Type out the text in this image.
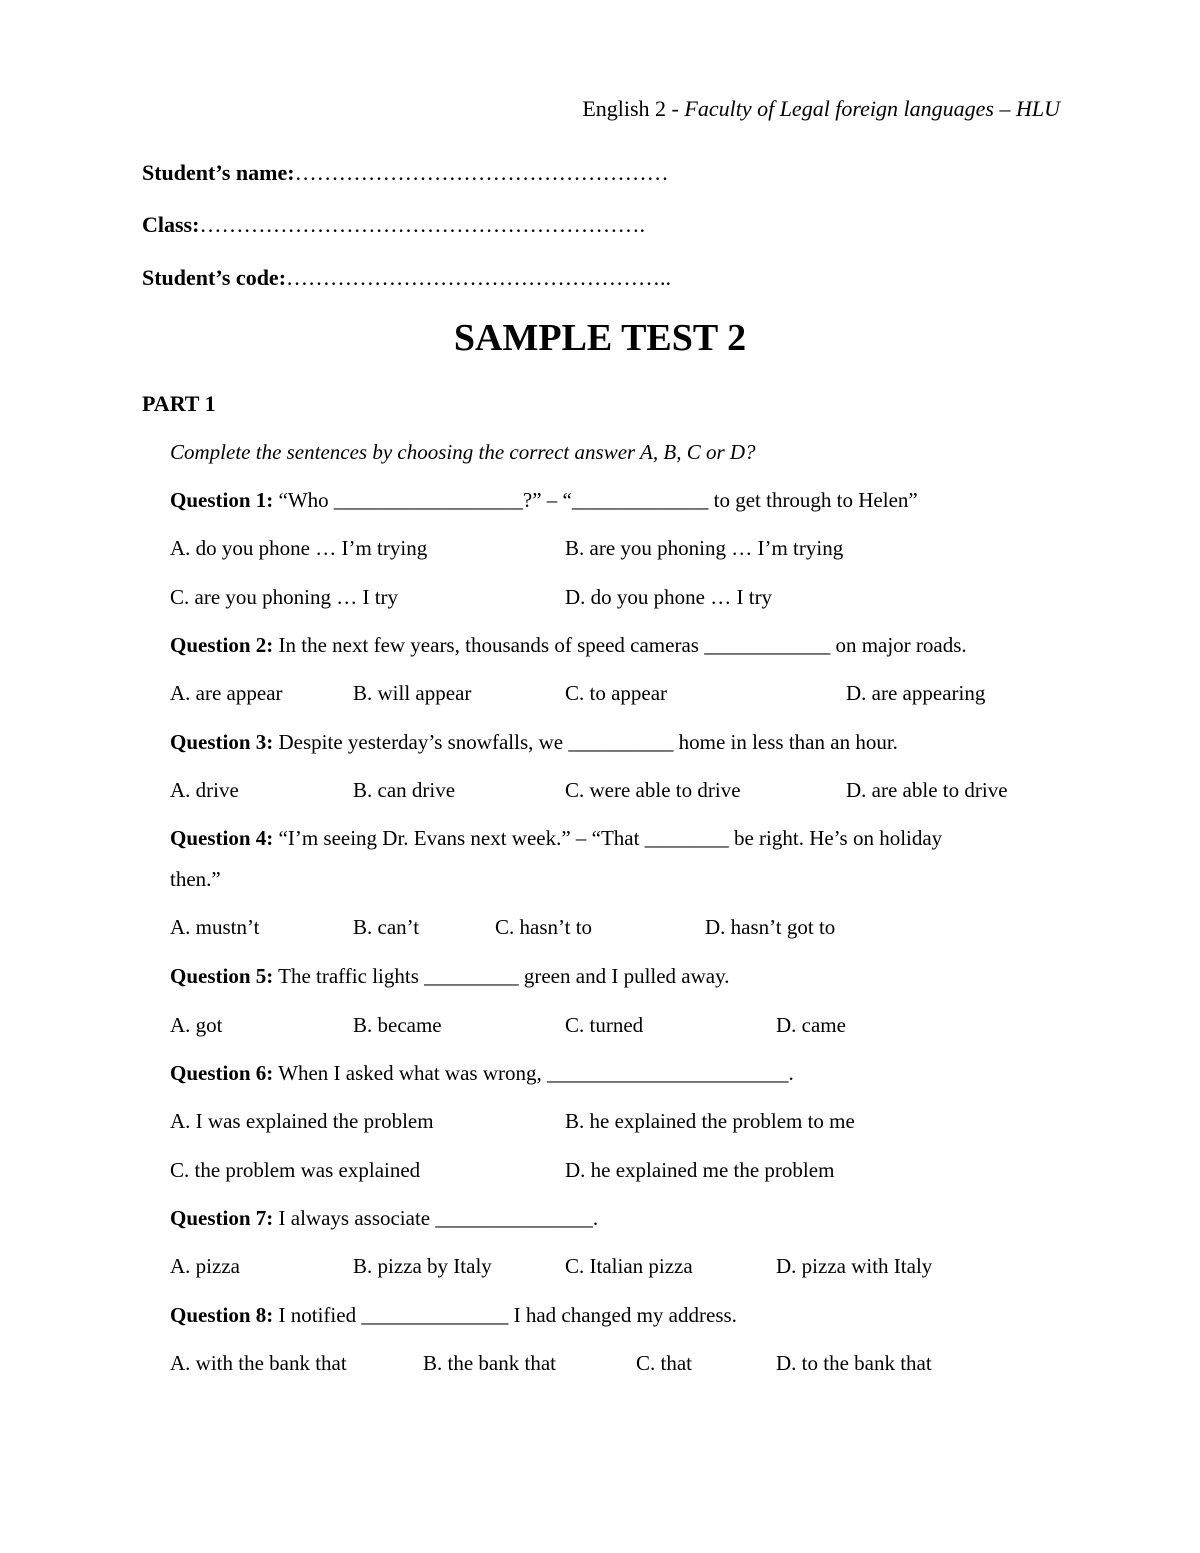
English 2 - Faculty of Legal foreign languages – HLU
Student’s name:……………………………………………
Class:…………………………………………………….
Student’s code:……………………………………………..
SAMPLE TEST 2
PART 1
Complete the sentences by choosing the correct answer A, B, C or D?
Question 1: “Who __________________?” – “_____________ to get through to Helen”
A. do you phone … I’m trying	B. are you phoning … I’m trying
C. are you phoning … I try	D. do you phone … I try
Question 2: In the next few years, thousands of speed cameras ____________ on major roads.
A. are appear	B. will appear	C. to appear	D. are appearing
Question 3: Despite yesterday’s snowfalls, we __________ home in less than an hour.
A. drive	B. can drive	C. were able to drive	D. are able to drive
Question 4: “I’m seeing Dr. Evans next week.” – “That ________ be right. He’s on holiday
then.”
A. mustn’t	B. can’t	C. hasn’t to	D. hasn’t got to
Question 5: The traffic lights _________ green and I pulled away.
A. got	B. became	C. turned	D. came
Question 6: When I asked what was wrong, _______________________.
A. I was explained the problem	B. he explained the problem to me
C. the problem was explained	D. he explained me the problem
Question 7: I always associate _______________.
A. pizza	B. pizza by Italy	C. Italian pizza	D. pizza with Italy
Question 8: I notified ______________ I had changed my address.
A. with the bank that	B. the bank that	C. that	D. to the bank that
